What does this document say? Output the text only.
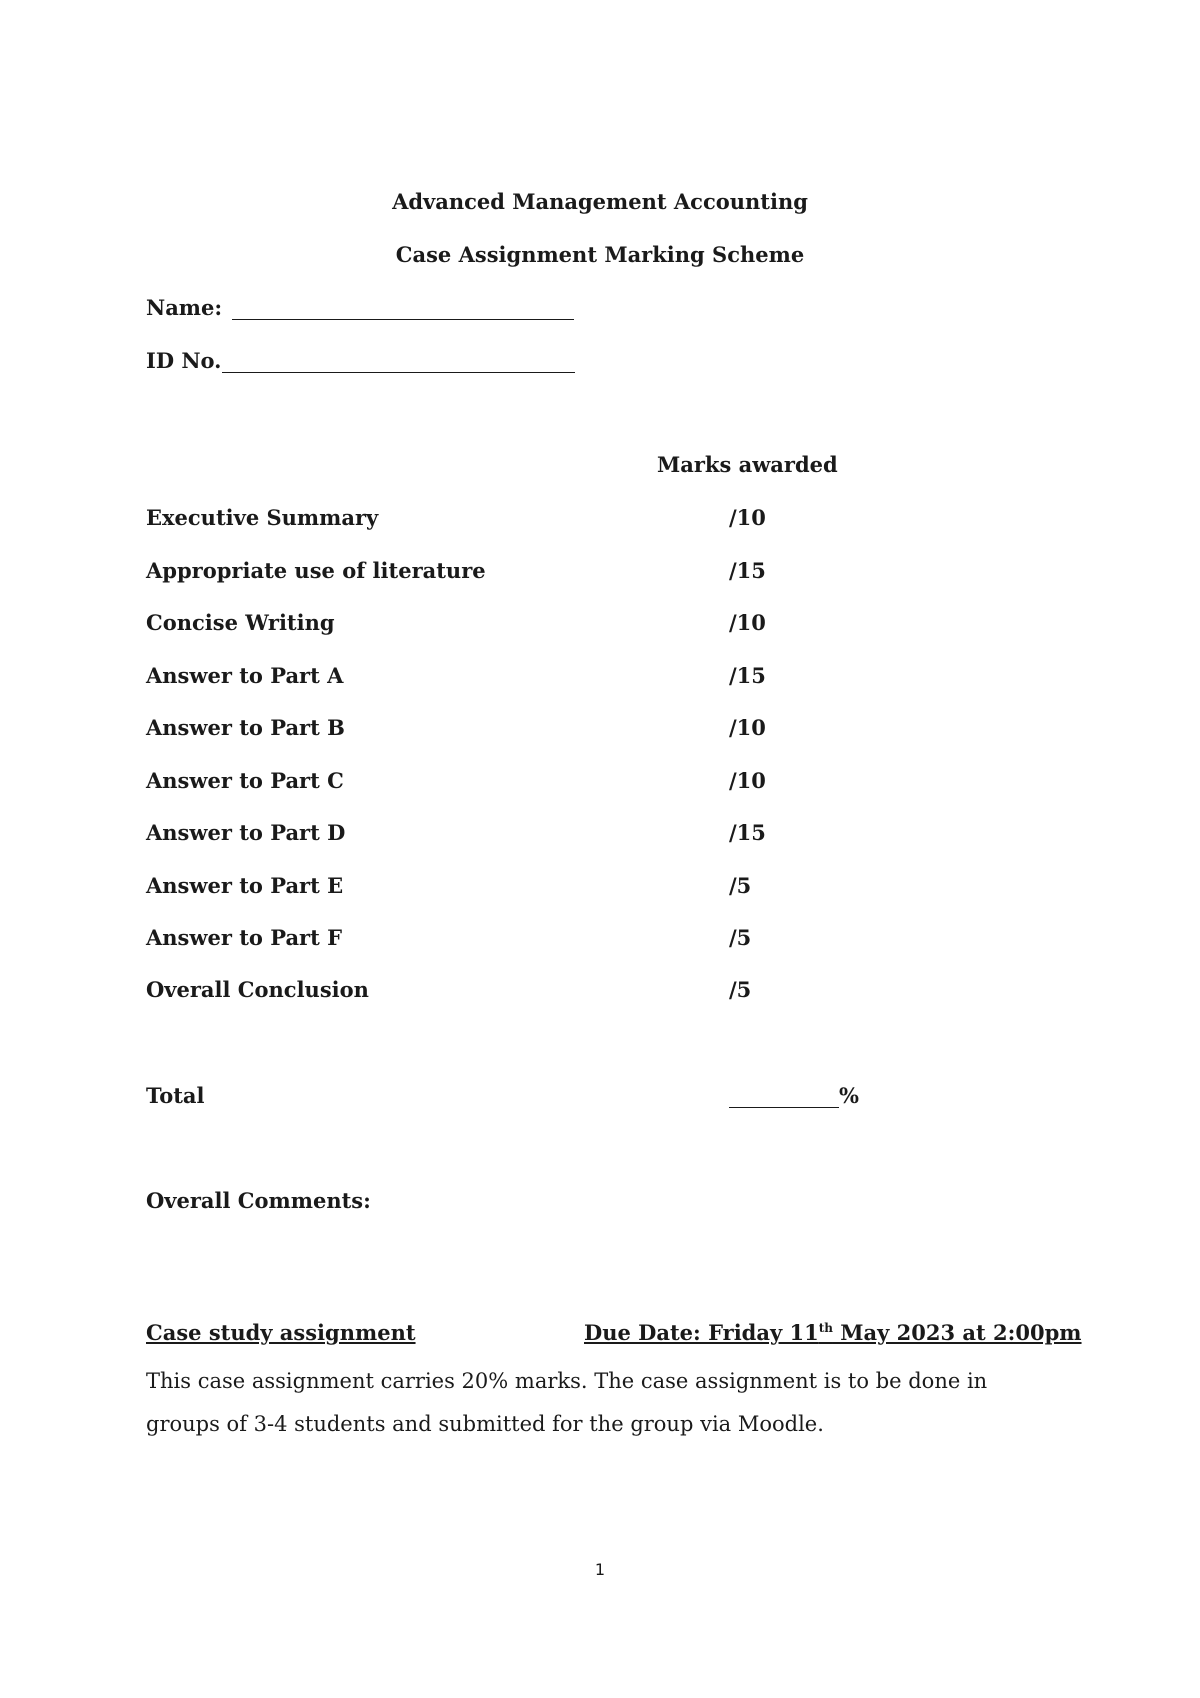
Advanced Management Accounting
Case Assignment Marking Scheme
Name:
ID No.
Marks awarded
Executive Summary	/10
Appropriate use of literature	/15
Concise Writing	/10
Answer to Part A	/15
Answer to Part B	/10
Answer to Part C	/10
Answer to Part D	/15
Answer to Part E	/5
Answer to Part F	/5
Overall Conclusion	/5
Total	%
Overall Comments:
Case study assignment	Due Date: Friday 11th May 2023 at 2:00pm
This case assignment carries 20% marks. The case assignment is to be done in groups of 3-4 students and submitted for the group via Moodle.
1
